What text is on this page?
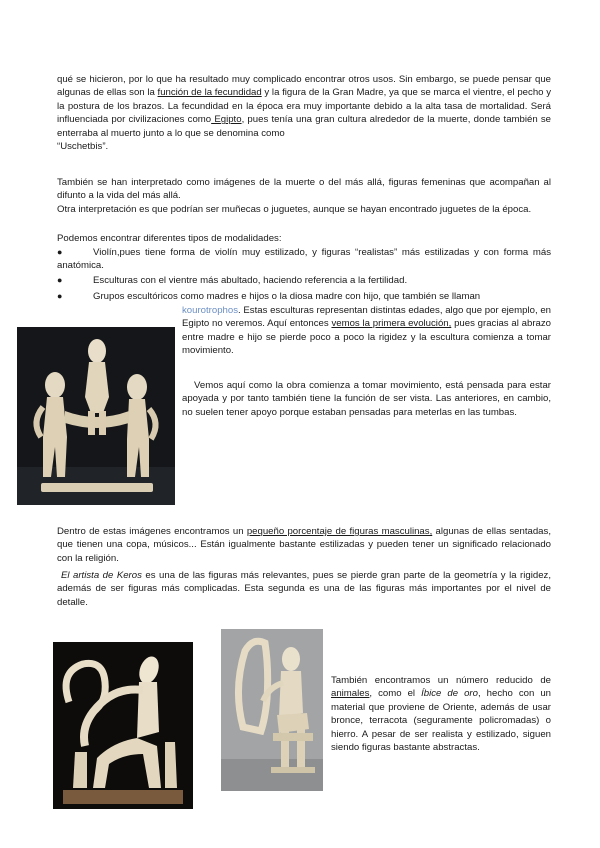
qué se hicieron, por lo que ha resultado muy complicado encontrar otros usos. Sin embargo, se puede pensar que algunas de ellas son la función de la fecundidad y la figura de la Gran Madre, ya que se marca el vientre, el pecho y la postura de los brazos. La fecundidad en la época era muy importante debido a la alta tasa de mortalidad. Será influenciada por civilizaciones como Egipto, pues tenía una gran cultura alrededor de la muerte, donde también se enterraba al muerto junto a lo que se denomina como
“Uschetbis”.

También se han interpretado como imágenes de la muerte o del más allá, figuras femeninas que acompañan al difunto a la vida del más allá.

Otra interpretación es que podrían ser muñecas o juguetes, aunque se hayan encontrado juguetes de la época.

Podemos encontrar diferentes tipos de modalidades:

●	Violín,pues tiene forma de violín muy estilizado, y figuras “realistas” más estilizadas y con forma más anatómica.

●	Esculturas con el vientre más abultado, haciendo referencia a la fertilidad.

●	Grupos escultóricos como madres e hijos o la diosa madre con hijo, que también se llaman

kourotrophos. Estas esculturas representan distintas edades, algo que por ejemplo, en Egipto no veremos. Aquí entonces vemos la primera evolución, pues gracias al abrazo entre madre e hijo se pierde poco a poco la rigidez y la escultura comienza a tomar movimiento.

Vemos aquí como la obra comienza a tomar movimiento, está pensada para estar apoyada y por tanto también tiene la función de ser vista. Las anteriores, en cambio, no suelen tener apoyo porque estaban pensadas para meterlas en las tumbas.

Dentro de estas imágenes encontramos un pequeño porcentaje de figuras masculinas, algunas de ellas sentadas, que tienen una copa, músicos... Están igualmente bastante estilizadas y pueden tener un significado relacionado con la religión.

El artista de Keros es una de las figuras más relevantes, pues se pierde gran parte de la geometría y la rigidez, además de ser figuras más complicadas. Esta segunda es una de las figuras más importantes por el nivel de detalle.

También encontramos un número reducido de animales, como el Íbice de oro, hecho con un material que proviene de Oriente, además de usar bronce, terracota (seguramente policromadas) o hierro. A pesar de ser realista y estilizado, siguen siendo figuras bastante abstractas.
